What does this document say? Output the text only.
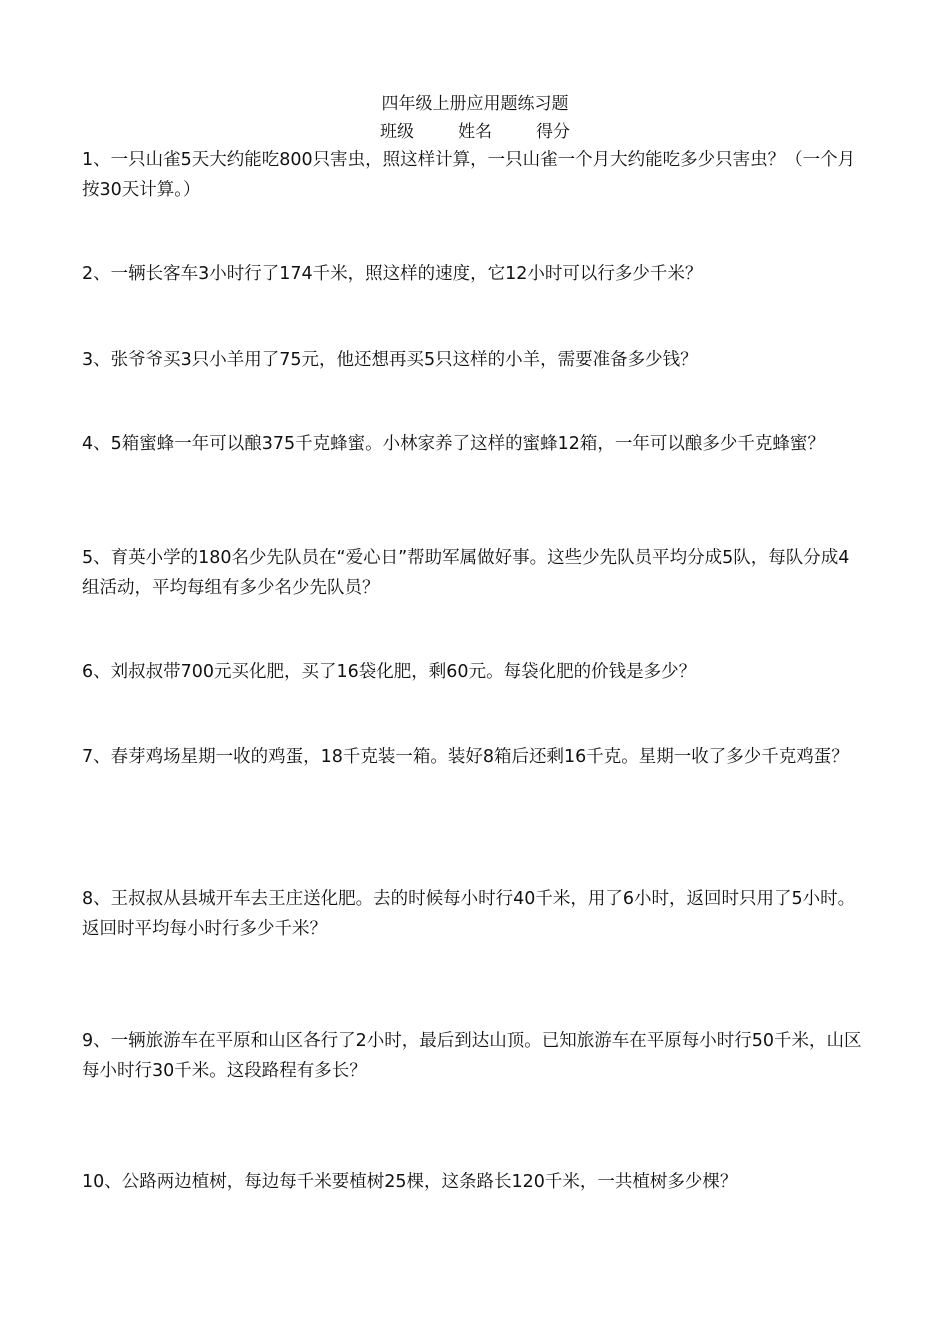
四年级上册应用题练习题
班级	姓名	得分
1、一只山雀5天大约能吃800只害虫，照这样计算，一只山雀一个月大约能吃多少只害虫？（一个月按30天计算。）
2、一辆长客车3小时行了174千米，照这样的速度，它12小时可以行多少千米？
3、张爷爷买3只小羊用了75元，他还想再买5只这样的小羊，需要准备多少钱？
4、5箱蜜蜂一年可以酿375千克蜂蜜。小林家养了这样的蜜蜂12箱，一年可以酿多少千克蜂蜜？
5、育英小学的180名少先队员在“爱心日”帮助军属做好事。这些少先队员平均分成5队，每队分成4组活动，平均每组有多少名少先队员？
6、刘叔叔带700元买化肥，买了16袋化肥，剩60元。每袋化肥的价钱是多少？
7、春芽鸡场星期一收的鸡蛋，18千克装一箱。装好8箱后还剩16千克。星期一收了多少千克鸡蛋？
8、王叔叔从县城开车去王庄送化肥。去的时候每小时行40千米，用了6小时，返回时只用了5小时。返回时平均每小时行多少千米？
9、一辆旅游车在平原和山区各行了2小时，最后到达山顶。已知旅游车在平原每小时行50千米，山区每小时行30千米。这段路程有多长？
10、公路两边植树，每边每千米要植树25棵，这条路长120千米，一共植树多少棵？
